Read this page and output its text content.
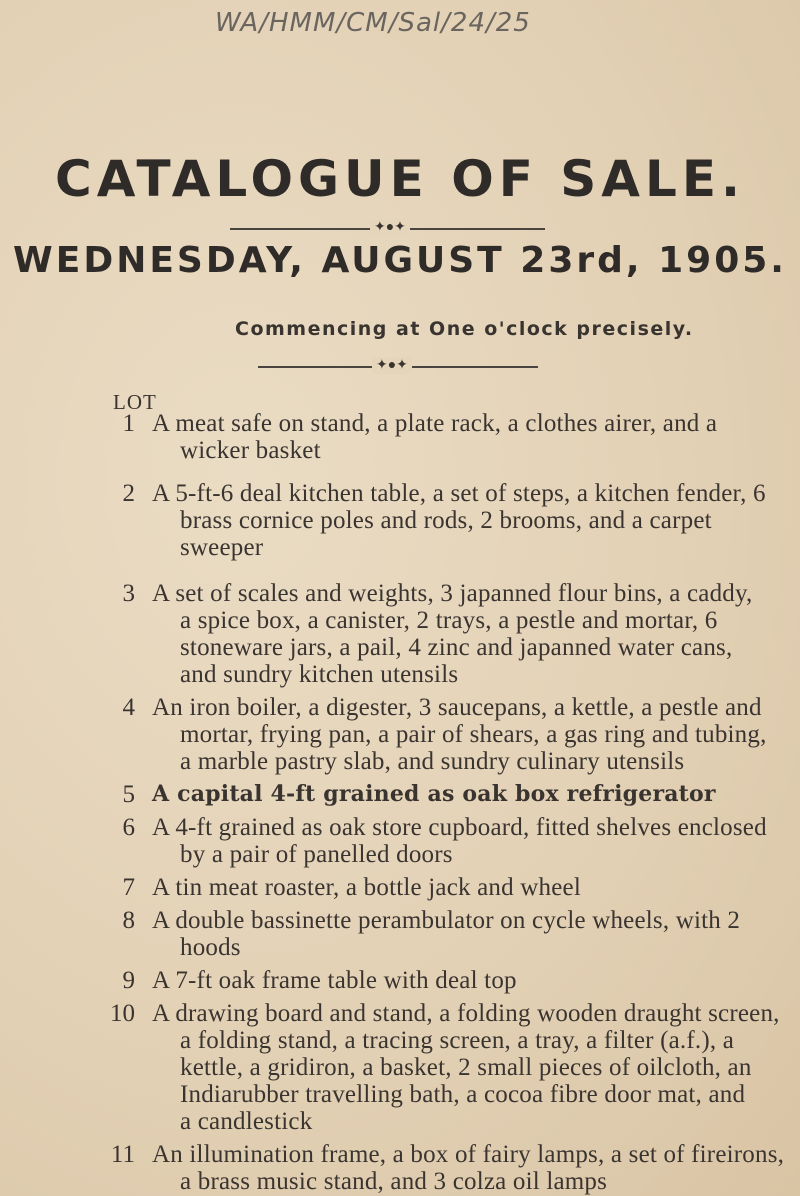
WA/HMM/CM/Sal/24/25
CATALOGUE OF SALE.
✦●✦
WEDNESDAY, AUGUST 23rd, 1905.
Commencing at One o'clock precisely.
✦●✦
LOT
1 A meat safe on stand, a plate rack, a clothes airer, and a
wicker basket
2 A 5-ft-6 deal kitchen table, a set of steps, a kitchen fender, 6
brass cornice poles and rods, 2 brooms, and a carpet
sweeper
3 A set of scales and weights, 3 japanned flour bins, a caddy,
a spice box, a canister, 2 trays, a pestle and mortar, 6
stoneware jars, a pail, 4 zinc and japanned water cans,
and sundry kitchen utensils
4 An iron boiler, a digester, 3 saucepans, a kettle, a pestle and
mortar, frying pan, a pair of shears, a gas ring and tubing,
a marble pastry slab, and sundry culinary utensils
5 A capital 4-ft grained as oak box refrigerator
6 A 4-ft grained as oak store cupboard, fitted shelves enclosed
by a pair of panelled doors
7 A tin meat roaster, a bottle jack and wheel
8 A double bassinette perambulator on cycle wheels, with 2
hoods
9 A 7-ft oak frame table with deal top
10 A drawing board and stand, a folding wooden draught screen,
a folding stand, a tracing screen, a tray, a filter (a.f.), a
kettle, a gridiron, a basket, 2 small pieces of oilcloth, an
Indiarubber travelling bath, a cocoa fibre door mat, and
a candlestick
11 An illumination frame, a box of fairy lamps, a set of fireirons,
a brass music stand, and 3 colza oil lamps
